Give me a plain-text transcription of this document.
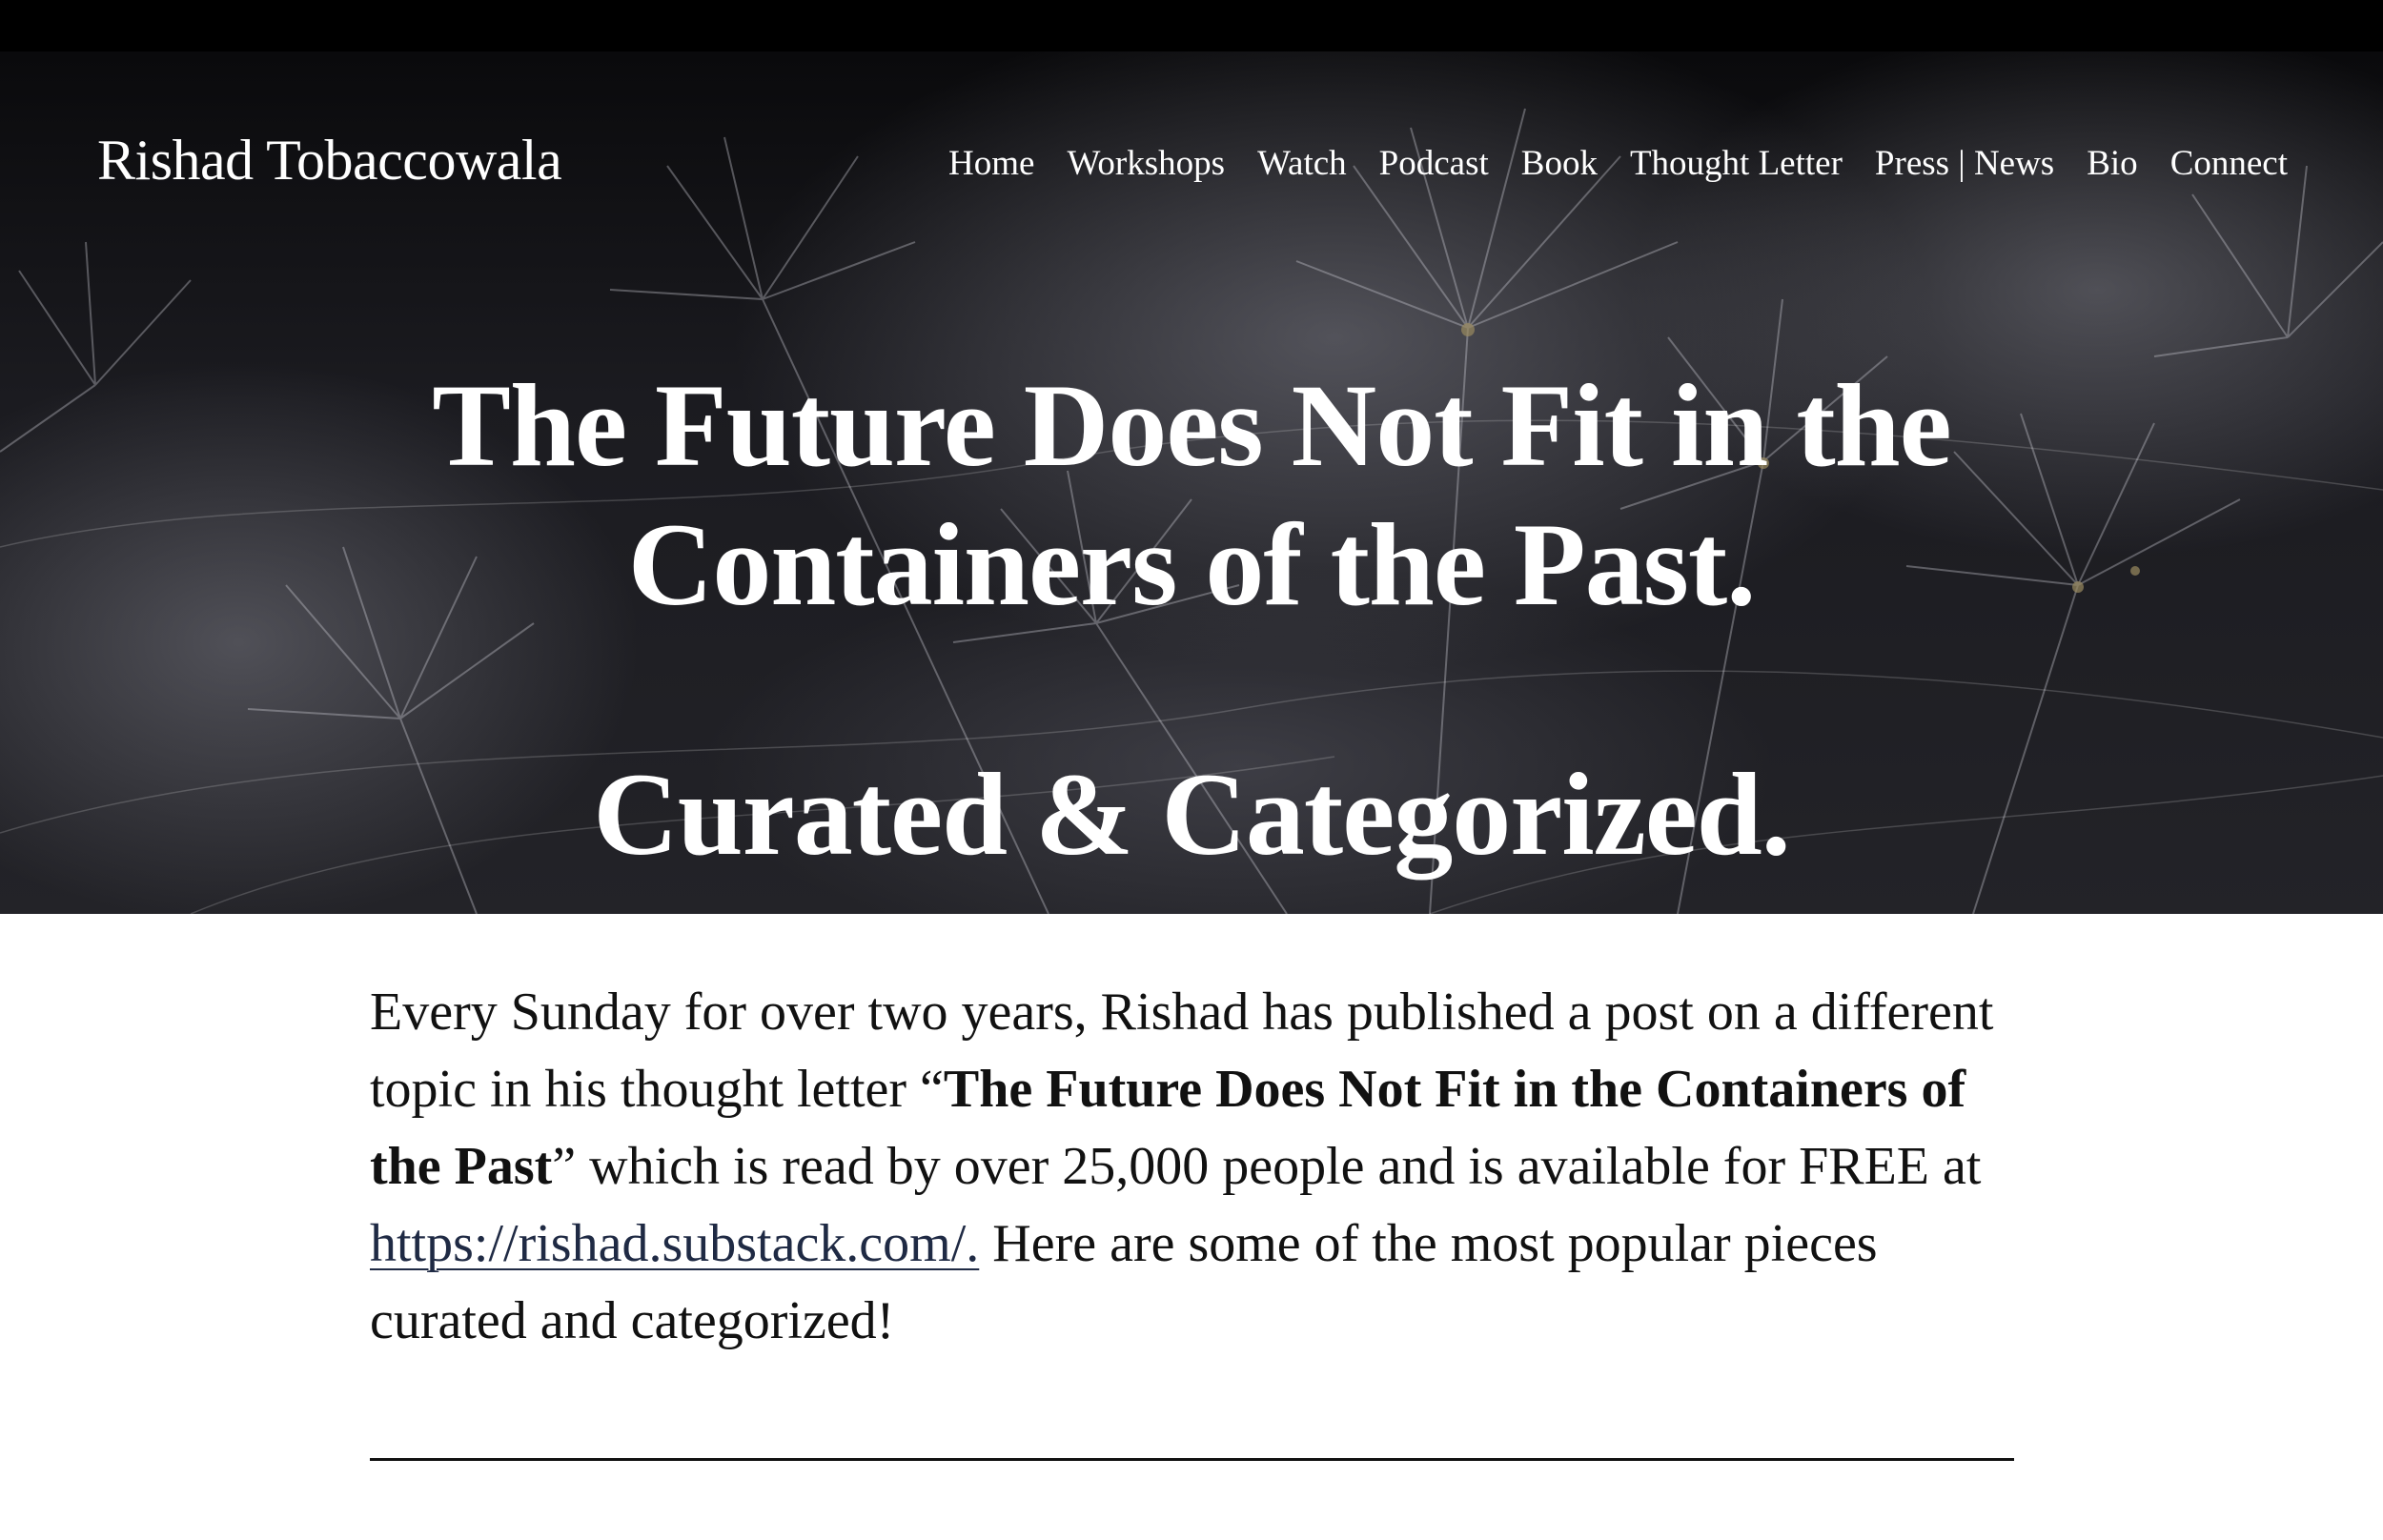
Rishad Tobaccowala	Home Workshops Watch Podcast Book Thought Letter Press | News Bio Connect
The Future Does Not Fit in the Containers of the Past.
Curated & Categorized.

Every Sunday for over two years, Rishad has published a post on a different topic in his thought letter “The Future Does Not Fit in the Containers of the Past” which is read by over 25,000 people and is available for FREE at https://rishad.substack.com/. Here are some of the most popular pieces curated and categorized!
